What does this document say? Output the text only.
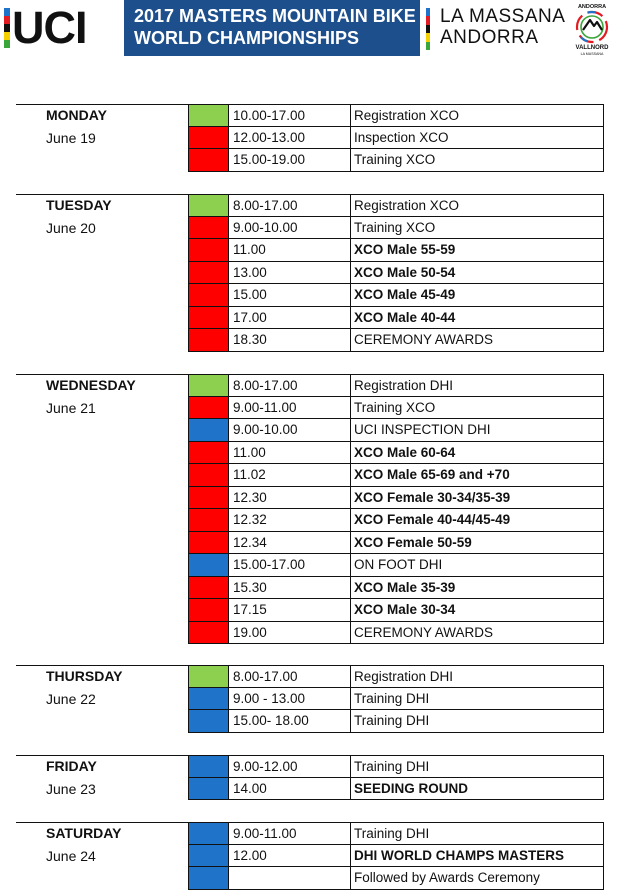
UCI	2017 MASTERS MOUNTAIN BIKE
WORLD CHAMPIONSHIPS
LA MASSANA
ANDORRA
ANDORRA
VALLNORD
LA MASSANA
MONDAY
June 19
10.00-17.00	Registration XCO
12.00-13.00	Inspection XCO
15.00-19.00	Training XCO
TUESDAY
June 20
8.00-17.00	Registration XCO
9.00-10.00	Training XCO
11.00	XCO Male 55-59
13.00	XCO Male 50-54
15.00	XCO Male 45-49
17.00	XCO Male 40-44
18.30	CEREMONY AWARDS
WEDNESDAY
June 21
8.00-17.00	Registration DHI
9.00-11.00	Training XCO
9.00-10.00	UCI INSPECTION DHI
11.00	XCO Male 60-64
11.02	XCO Male 65-69 and +70
12.30	XCO Female 30-34/35-39
12.32	XCO Female 40-44/45-49
12.34	XCO Female 50-59
15.00-17.00	ON FOOT DHI
15.30	XCO Male 35-39
17.15	XCO Male 30-34
19.00	CEREMONY AWARDS
THURSDAY
June 22
8.00-17.00	Registration DHI
9.00 - 13.00	Training DHI
15.00- 18.00	Training DHI
FRIDAY
June 23
9.00-12.00	Training DHI
14.00	SEEDING ROUND
SATURDAY
June 24
9.00-11.00	Training DHI
12.00	DHI WORLD CHAMPS MASTERS
Followed by Awards Ceremony
